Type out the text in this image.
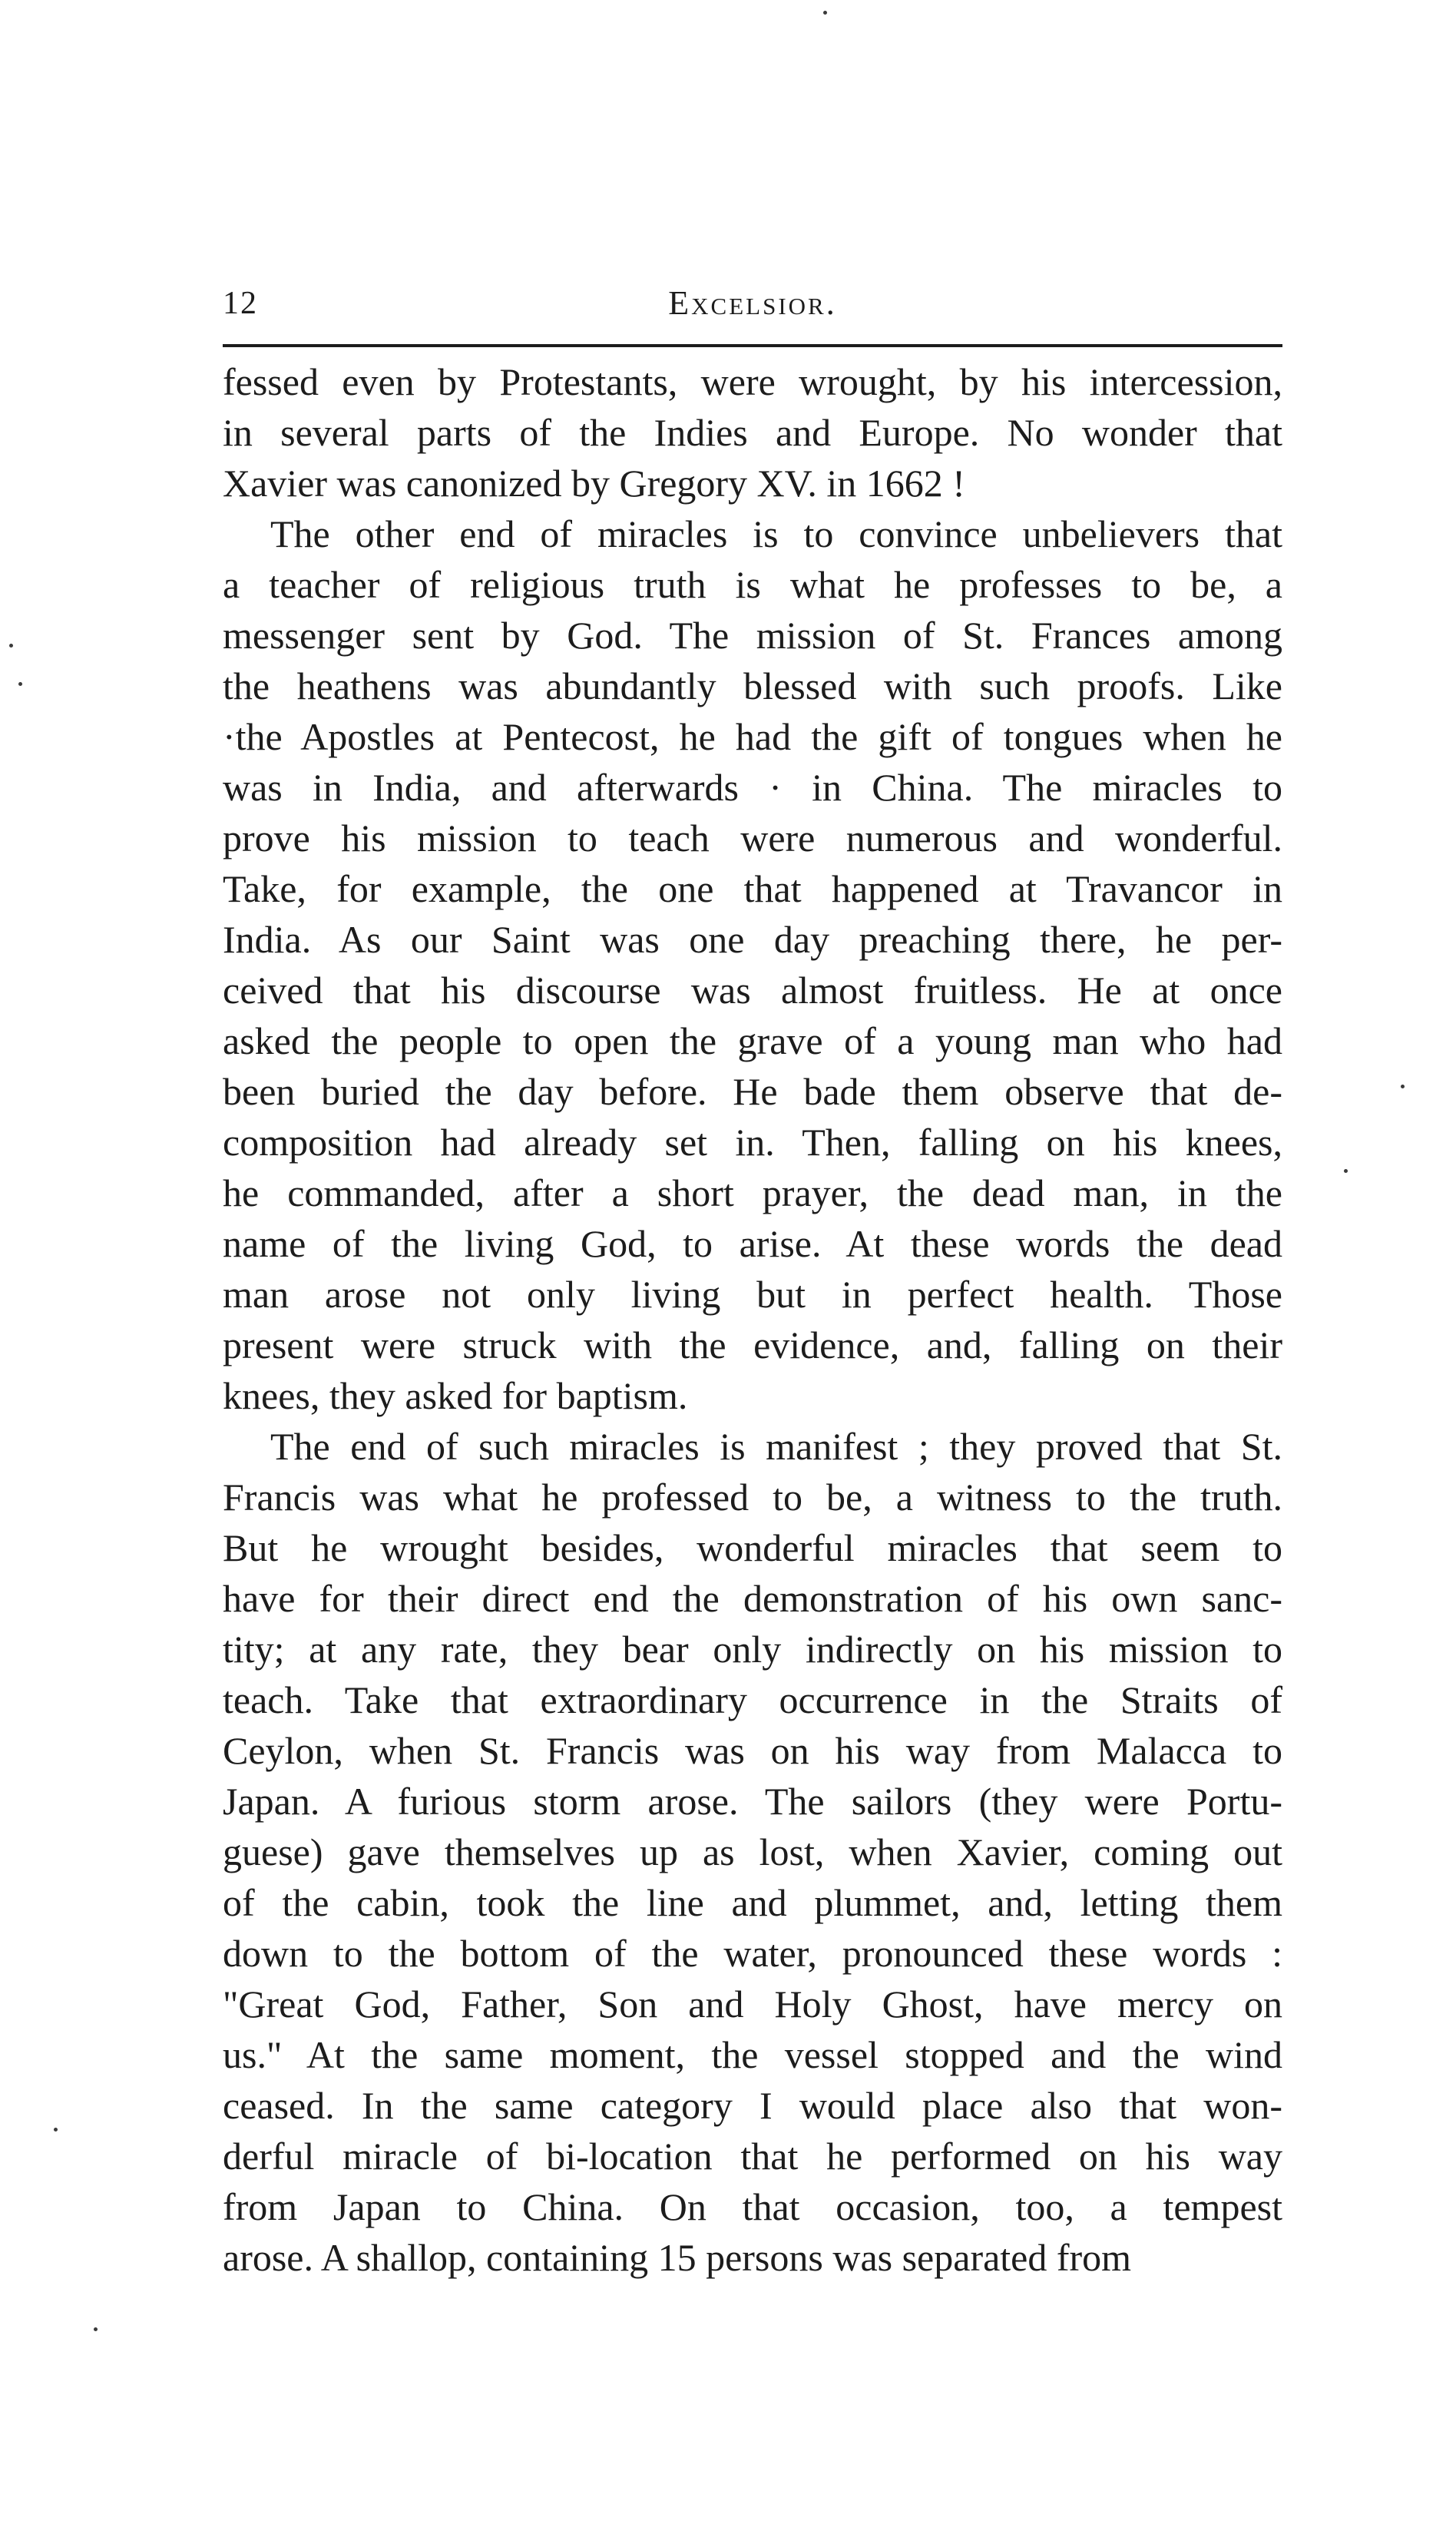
12	Excelsior.
fessed even by Protestants, were wrought, by his intercession,
in several parts of the Indies and Europe. No wonder that
Xavier was canonized by Gregory XV. in 1662 !
The other end of miracles is to convince unbelievers that
a teacher of religious truth is what he professes to be, a
messenger sent by God. The mission of St. Frances among
the heathens was abundantly blessed with such proofs. Like
·the Apostles at Pentecost, he had the gift of tongues when he
was in India, and afterwards · in China. The miracles to
prove his mission to teach were numerous and wonderful.
Take, for example, the one that happened at Travancor in
India. As our Saint was one day preaching there, he per-
ceived that his discourse was almost fruitless. He at once
asked the people to open the grave of a young man who had
been buried the day before. He bade them observe that de-
composition had already set in. Then, falling on his knees,
he commanded, after a short prayer, the dead man, in the
name of the living God, to arise. At these words the dead
man arose not only living but in perfect health. Those
present were struck with the evidence, and, falling on their
knees, they asked for baptism.
The end of such miracles is manifest ; they proved that St.
Francis was what he professed to be, a witness to the truth.
But he wrought besides, wonderful miracles that seem to
have for their direct end the demonstration of his own sanc-
tity; at any rate, they bear only indirectly on his mission to
teach. Take that extraordinary occurrence in the Straits of
Ceylon, when St. Francis was on his way from Malacca to
Japan. A furious storm arose. The sailors (they were Portu-
guese) gave themselves up as lost, when Xavier, coming out
of the cabin, took the line and plummet, and, letting them
down to the bottom of the water, pronounced these words :
"Great God, Father, Son and Holy Ghost, have mercy on
us." At the same moment, the vessel stopped and the wind
ceased. In the same category I would place also that won-
derful miracle of bi-location that he performed on his way
from Japan to China. On that occasion, too, a tempest
arose. A shallop, containing 15 persons was separated from
